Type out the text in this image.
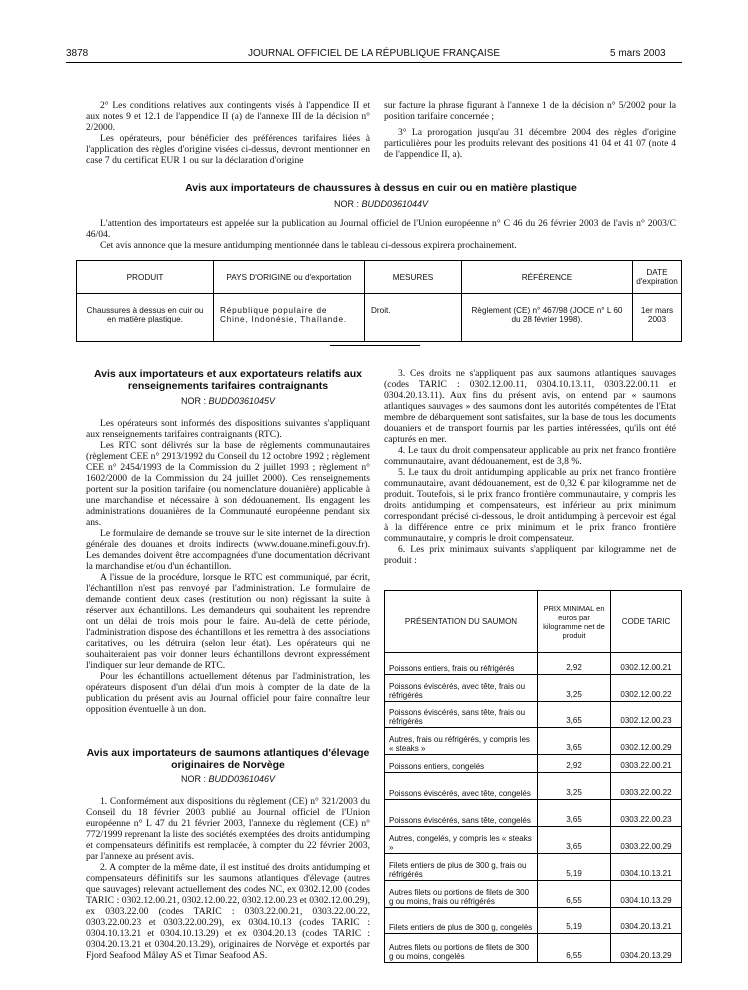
3878	JOURNAL OFFICIEL DE LA RÉPUBLIQUE FRANÇAISE	5 mars 2003

2° Les conditions relatives aux contingents visés à l'appendice II et aux notes 9 et 12.1 de l'appendice II (a) de l'annexe III de la décision n° 2/2000.

Les opérateurs, pour bénéficier des préférences tarifaires liées à l'application des règles d'origine visées ci-dessus, devront mentionner en case 7 du certificat EUR 1 ou sur la déclaration d'origine

sur facture la phrase figurant à l'annexe 1 de la décision n° 5/2002 pour la position tarifaire concernée ;

3° La prorogation jusqu'au 31 décembre 2004 des règles d'origine particulières pour les produits relevant des positions 41 04 et 41 07 (note 4 de l'appendice II, a).

Avis aux importateurs de chaussures à dessus en cuir ou en matière plastique
NOR : BUDD0361044V

L'attention des importateurs est appelée sur la publication au Journal officiel de l'Union européenne n° C 46 du 26 février 2003 de l'avis n° 2003/C 46/04.

Cet avis annonce que la mesure antidumping mentionnée dans le tableau ci-dessous expirera prochainement.

PRODUIT	PAYS D'ORIGINE ou d'exportation	MESURES	RÉFÉRENCE	DATE d'expiration
Chaussures à dessus en cuir ou en matière plastique.	République populaire de Chine, Indonésie, Thaïlande.	Droit.	Règlement (CE) n° 467/98 (JOCE n° L 60 du 28 février 1998).	1er mars 2003
Avis aux importateurs et aux exportateurs relatifs aux renseignements tarifaires contraignants
NOR : BUDD0361045V

Les opérateurs sont informés des dispositions suivantes s'appliquant aux renseignements tarifaires contraignants (RTC).

Les RTC sont délivrés sur la base de règlements communautaires (règlement CEE n° 2913/1992 du Conseil du 12 octobre 1992 ; règlement CEE n° 2454/1993 de la Commission du 2 juillet 1993 ; règlement n° 1602/2000 de la Commission du 24 juillet 2000). Ces renseignements portent sur la position tarifaire (ou nomenclature douanière) applicable à une marchandise et nécessaire à son dédouanement. Ils engagent les administrations douanières de la Communauté européenne pendant six ans.

Le formulaire de demande se trouve sur le site internet de la direction générale des douanes et droits indirects (www.douane.minefi.gouv.fr). Les demandes doivent être accompagnées d'une documentation décrivant la marchandise et/ou d'un échantillon.

A l'issue de la procédure, lorsque le RTC est communiqué, par écrit, l'échantillon n'est pas renvoyé par l'administration. Le formulaire de demande contient deux cases (restitution ou non) régissant la suite à réserver aux échantillons. Les demandeurs qui souhaitent les reprendre ont un délai de trois mois pour le faire. Au-delà de cette période, l'administration dispose des échantillons et les remettra à des associations caritatives, ou les détruira (selon leur état). Les opérateurs qui ne souhaiteraient pas voir donner leurs échantillons devront expressément l'indiquer sur leur demande de RTC.

Pour les échantillons actuellement détenus par l'administration, les opérateurs disposent d'un délai d'un mois à compter de la date de la publication du présent avis au Journal officiel pour faire connaître leur opposition éventuelle à un don.

Avis aux importateurs de saumons atlantiques d'élevage originaires de Norvège
NOR : BUDD0361046V

1. Conformément aux dispositions du règlement (CE) n° 321/2003 du Conseil du 18 février 2003 publié au Journal officiel de l'Union européenne n° L 47 du 21 février 2003, l'annexe du règlement (CE) n° 772/1999 reprenant la liste des sociétés exemptées des droits antidumping et compensateurs définitifs est remplacée, à compter du 22 février 2003, par l'annexe au présent avis.

2. A compter de la même date, il est institué des droits antidumping et compensateurs définitifs sur les saumons atlantiques d'élevage (autres que sauvages) relevant actuellement des codes NC, ex 0302.12.00 (codes TARIC : 0302.12.00.21, 0302.12.00.22, 0302.12.00.23 et 0302.12.00.29), ex 0303.22.00 (codes TARIC : 0303.22.00.21, 0303.22.00.22, 0303.22.00.23 et 0303.22.00.29), ex 0304.10.13 (codes TARIC : 0304.10.13.21 et 0304.10.13.29) et ex 0304.20.13 (codes TARIC : 0304.20.13.21 et 0304.20.13.29), originaires de Norvège et exportés par Fjord Seafood Måløy AS et Timar Seafood AS.

3. Ces droits ne s'appliquent pas aux saumons atlantiques sauvages (codes TARIC : 0302.12.00.11, 0304.10.13.11, 0303.22.00.11 et 0304.20.13.11). Aux fins du présent avis, on entend par « saumons atlantiques sauvages » des saumons dont les autorités compétentes de l'Etat membre de débarquement sont satisfaites, sur la base de tous les documents douaniers et de transport fournis par les parties intéressées, qu'ils ont été capturés en mer.

4. Le taux du droit compensateur applicable au prix net franco frontière communautaire, avant dédouanement, est de 3,8 %.

5. Le taux du droit antidumping applicable au prix net franco frontière communautaire, avant dédouanement, est de 0,32 € par kilogramme net de produit. Toutefois, si le prix franco frontière communautaire, y compris les droits antidumping et compensateurs, est inférieur au prix minimum correspondant précisé ci-dessous, le droit antidumping à percevoir est égal à la différence entre ce prix minimum et le prix franco frontière communautaire, y compris le droit compensateur.

6. Les prix minimaux suivants s'appliquent par kilogramme net de produit :

PRÉSENTATION DU SAUMON	PRIX MINIMAL en euros par kilogramme net de produit	CODE TARIC
Poissons entiers, frais ou réfrigérés	2,92	0302.12.00.21
Poissons éviscérés, avec tête, frais ou réfrigérés	3,25	0302.12.00.22
Poissons éviscérés, sans tête, frais ou réfrigérés	3,65	0302.12.00.23
Autres, frais ou réfrigérés, y compris les « steaks »	3,65	0302.12.00.29
Poissons entiers, congelés	2,92	0303.22.00.21
Poissons éviscérés, avec tête, congelés	3,25	0303.22.00.22
Poissons éviscérés, sans tête, congelés	3,65	0303.22.00.23
Autres, congelés, y compris les « steaks »	3,65	0303.22.00.29
Filets entiers de plus de 300 g, frais ou réfrigérés	5,19	0304.10.13.21
Autres filets ou portions de filets de 300 g ou moins, frais ou réfrigérés	6,55	0304.10.13.29
Filets entiers de plus de 300 g, congelés	5,19	0304.20.13.21
Autres filets ou portions de filets de 300 g ou moins, congelés	6,55	0304.20.13.29
